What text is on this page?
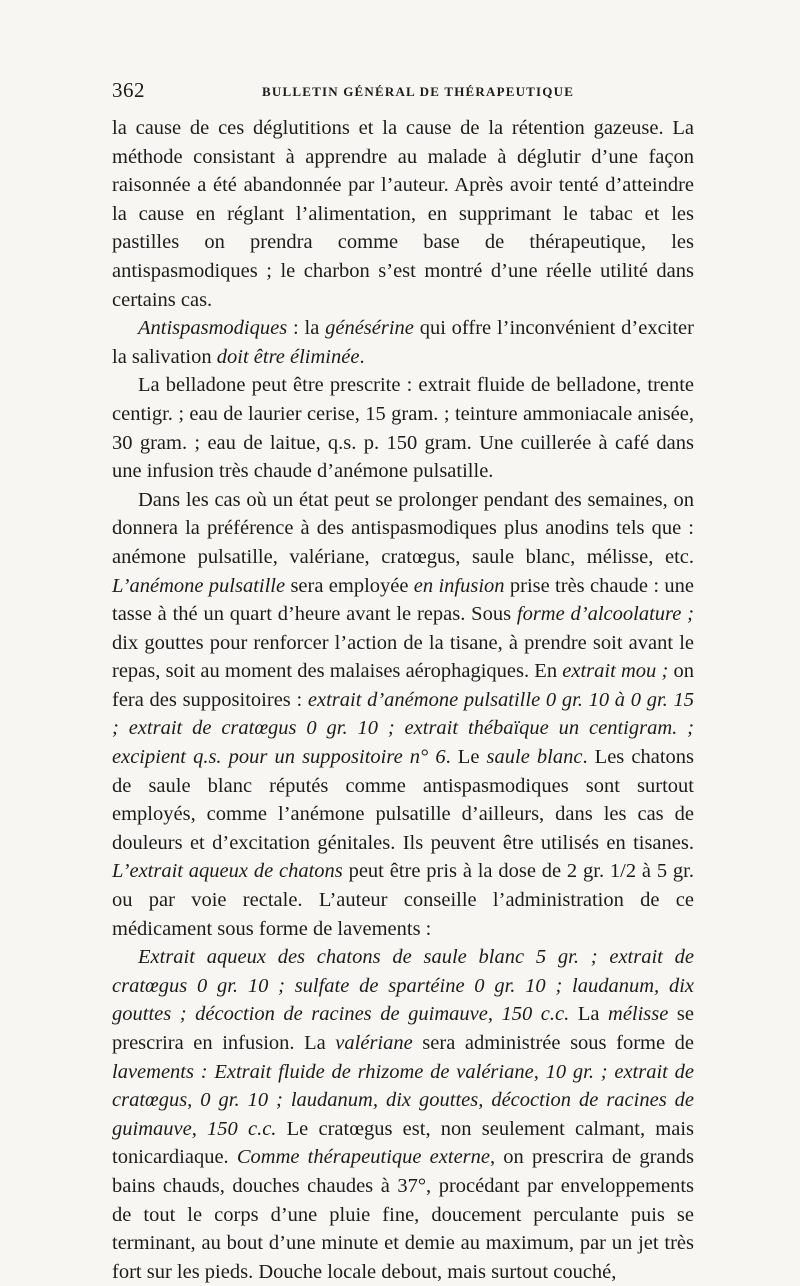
362	BULLETIN GÉNÉRAL DE THÉRAPEUTIQUE

la cause de ces déglutitions et la cause de la rétention gazeuse. La méthode consistant à apprendre au malade à déglutir d’une façon raisonnée a été abandonnée par l’auteur. Après avoir tenté d’atteindre la cause en réglant l’alimentation, en supprimant le tabac et les pastilles on prendra comme base de thérapeutique, les antispasmodiques ; le charbon s’est montré d’une réelle utilité dans certains cas.

Antispasmodiques : la génésérine qui offre l’inconvénient d’exciter la salivation doit être éliminée.

La belladone peut être prescrite : extrait fluide de belladone, trente centigr. ; eau de laurier cerise, 15 gram. ; teinture ammoniacale anisée, 30 gram. ; eau de laitue, q.s. p. 150 gram. Une cuillerée à café dans une infusion très chaude d’anémone pulsatille.

Dans les cas où un état peut se prolonger pendant des semaines, on donnera la préférence à des antispasmodiques plus anodins tels que : anémone pulsatille, valériane, cratœgus, saule blanc, mélisse, etc. L’anémone pulsatille sera employée en infusion prise très chaude : une tasse à thé un quart d’heure avant le repas. Sous forme d’alcoolature ; dix gouttes pour renforcer l’action de la tisane, à prendre soit avant le repas, soit au moment des malaises aérophagiques. En extrait mou ; on fera des suppositoires : extrait d’anémone pulsatille 0 gr. 10 à 0 gr. 15 ; extrait de cratœgus 0 gr. 10 ; extrait thébaïque un centigram. ; excipient q.s. pour un suppositoire n° 6. Le saule blanc. Les chatons de saule blanc réputés comme antispasmodiques sont surtout employés, comme l’anémone pulsatille d’ailleurs, dans les cas de douleurs et d’excitation génitales. Ils peuvent être utilisés en tisanes. L’extrait aqueux de chatons peut être pris à la dose de 2 gr. 1/2 à 5 gr. ou par voie rectale. L’auteur conseille l’administration de ce médicament sous forme de lavements :

Extrait aqueux des chatons de saule blanc 5 gr. ; extrait de cratœgus 0 gr. 10 ; sulfate de spartéine 0 gr. 10 ; laudanum, dix gouttes ; décoction de racines de guimauve, 150 c.c. La mélisse se prescrira en infusion. La valériane sera administrée sous forme de lavements : Extrait fluide de rhizome de valériane, 10 gr. ; extrait de cratœgus, 0 gr. 10 ; laudanum, dix gouttes, décoction de racines de guimauve, 150 c.c. Le cratœgus est, non seulement calmant, mais tonicardiaque. Comme thérapeutique externe, on prescrira de grands bains chauds, douches chaudes à 37°, procédant par enveloppements de tout le corps d’une pluie fine, doucement perculante puis se terminant, au bout d’une minute et demie au maximum, par un jet très fort sur les pieds. Douche locale debout, mais surtout couché,
